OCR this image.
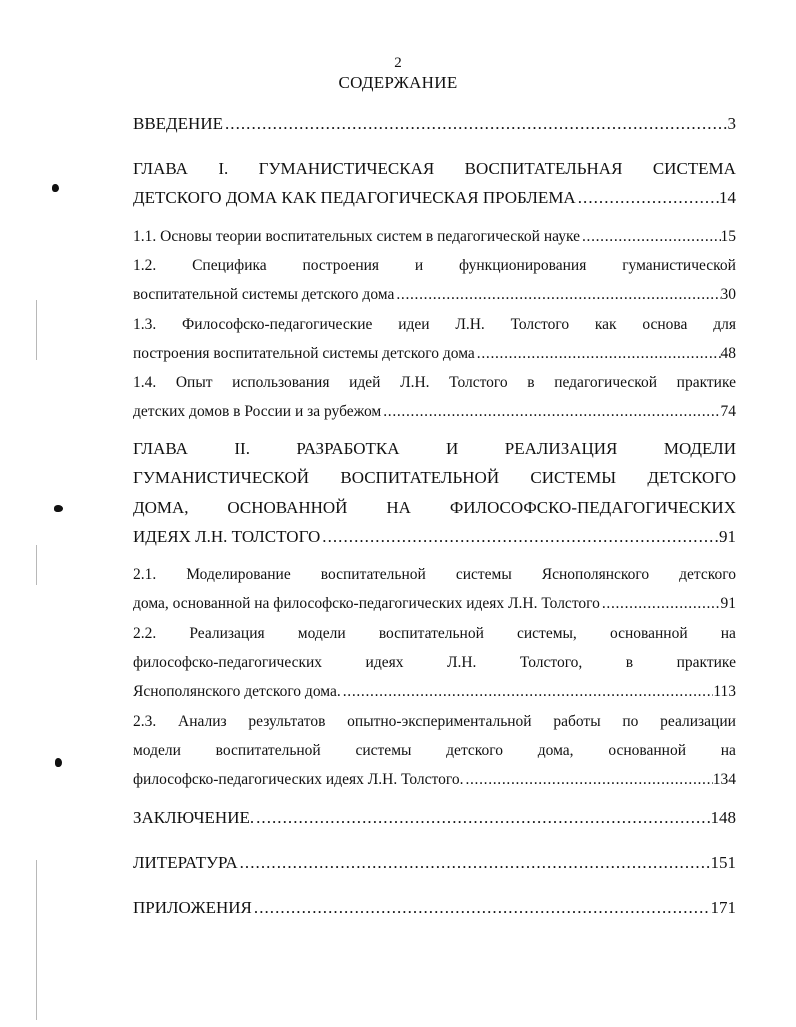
2
СОДЕРЖАНИЕ
ВВЕДЕНИЕ . . .	3
ГЛАВА I. ГУМАНИСТИЧЕСКАЯ ВОСПИТАТЕЛЬНАЯ СИСТЕМА
ДЕТСКОГО ДОМА КАК ПЕДАГОГИЧЕСКАЯ ПРОБЛЕМА . . .	14
1.1. Основы теории воспитательных систем в педагогической науке . . .	15
1.2. Специфика построения и функционирования гуманистической
воспитательной системы детского дома . . .	30
1.3. Философско-педагогические идеи Л.Н. Толстого как основа для
построения воспитательной системы детского дома . . .	48
1.4. Опыт использования идей Л.Н. Толстого в педагогической практике
детских домов в России и за рубежом . . .	74
ГЛАВА	II.	РАЗРАБОТКА	И	РЕАЛИЗАЦИЯ	МОДЕЛИ
ГУМАНИСТИЧЕСКОЙ ВОСПИТАТЕЛЬНОЙ СИСТЕМЫ ДЕТСКОГО
ДОМА, ОСНОВАННОЙ НА ФИЛОСОФСКО-ПЕДАГОГИЧЕСКИХ
ИДЕЯХ Л.Н. ТОЛСТОГО . . .	91
2.1. Моделирование воспитательной системы Яснополянского детского
дома, основанной на философско-педагогических идеях Л.Н. Толстого . . .	91
2.2. Реализация модели воспитательной системы, основанной на
философско-педагогических	идеях	Л.Н.	Толстого,	в	практике
Яснополянского детского дома. . . .	113
2.3. Анализ результатов опытно-экспериментальной работы по реализации
модели воспитательной системы детского дома, основанной на
философско-педагогических идеях Л.Н. Толстого. . . .	134
ЗАКЛЮЧЕНИЕ. . . .	148
ЛИТЕРАТУРА . . .	151
ПРИЛОЖЕНИЯ . . .	171
